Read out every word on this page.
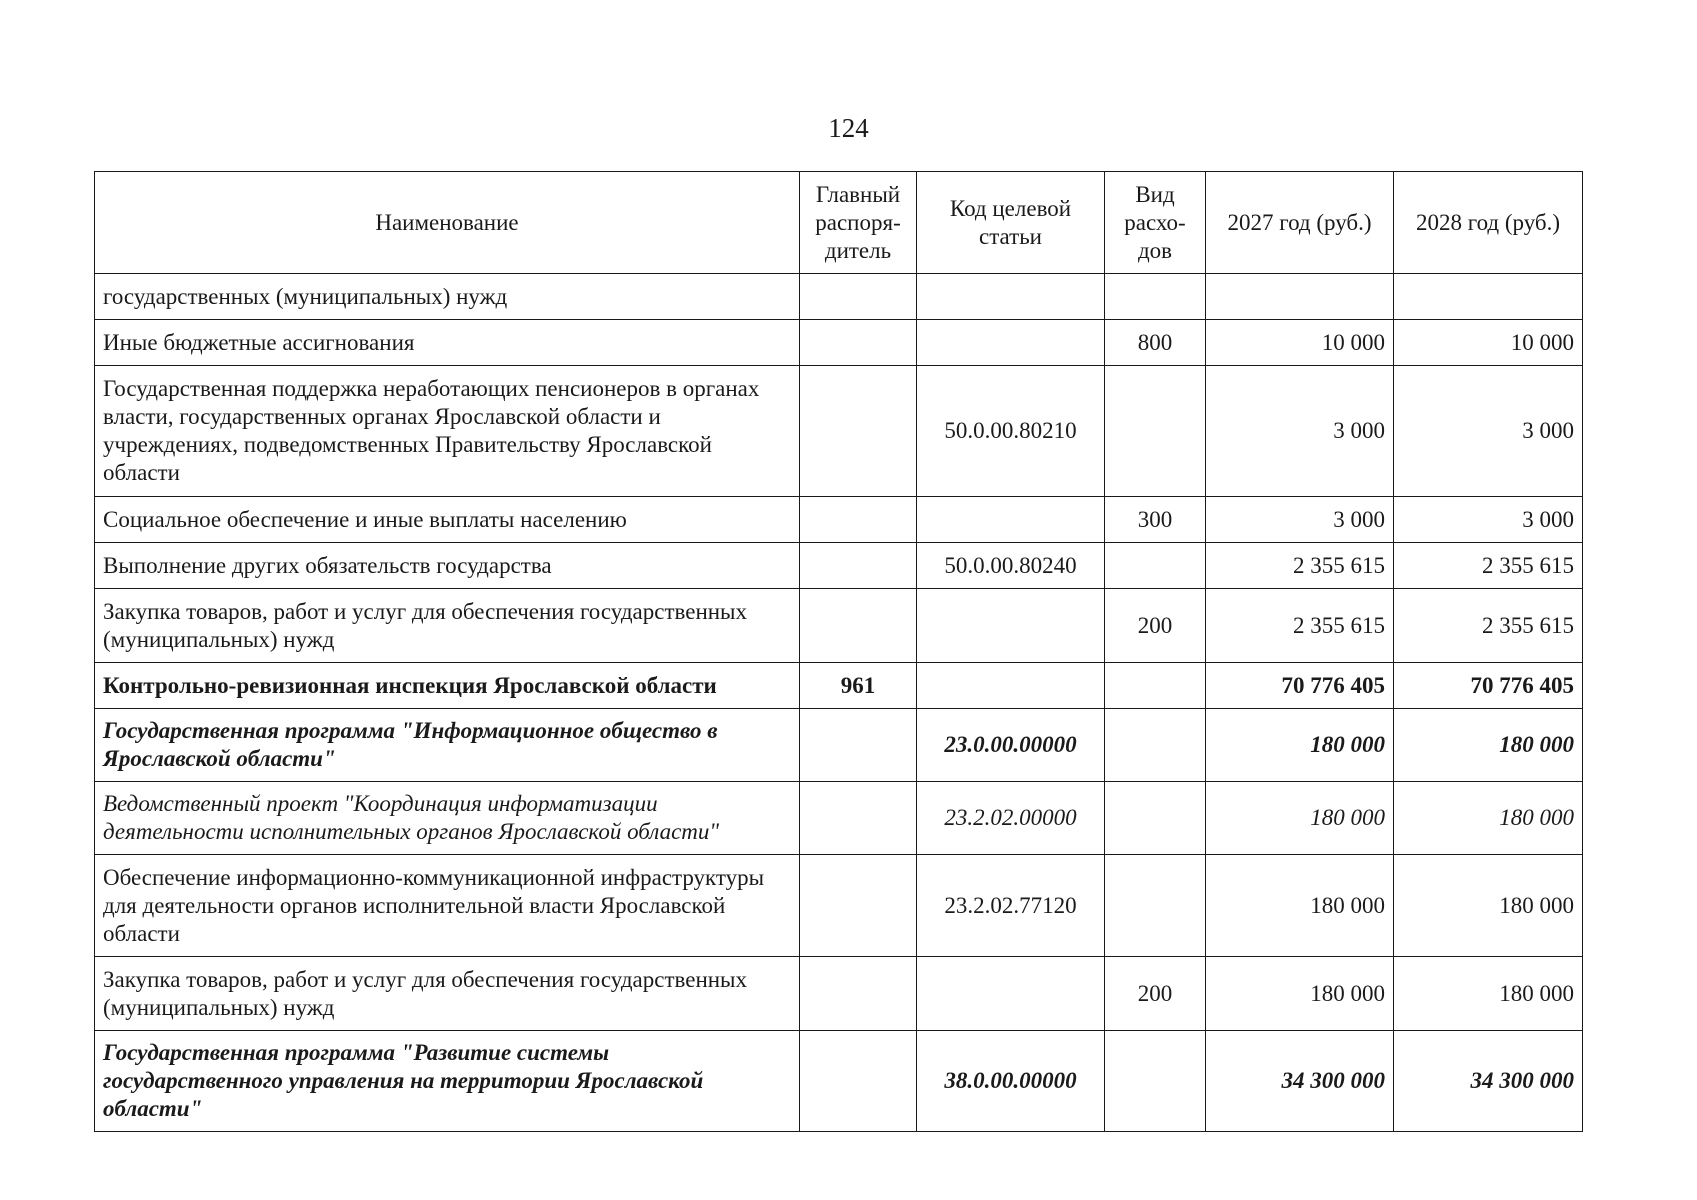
124
Наименование	Главный распоря-дитель	Код целевой статьи	Вид расхо-дов	2027 год (руб.)	2028 год (руб.)
государственных (муниципальных) нужд					
Иные бюджетные ассигнования			800	10 000	10 000
Государственная поддержка неработающих пенсионеров в органах власти, государственных органах Ярославской области и учреждениях, подведомственных Правительству Ярославской области		50.0.00.80210		3 000	3 000
Социальное обеспечение и иные выплаты населению			300	3 000	3 000
Выполнение других обязательств государства		50.0.00.80240		2 355 615	2 355 615
Закупка товаров, работ и услуг для обеспечения государственных (муниципальных) нужд			200	2 355 615	2 355 615
Контрольно-ревизионная инспекция Ярославской области	961			70 776 405	70 776 405
Государственная программа "Информационное общество в Ярославской области"		23.0.00.00000		180 000	180 000
Ведомственный проект "Координация информатизации деятельности исполнительных органов Ярославской области"		23.2.02.00000		180 000	180 000
Обеспечение информационно-коммуникационной инфраструктуры для деятельности органов исполнительной власти Ярославской области		23.2.02.77120		180 000	180 000
Закупка товаров, работ и услуг для обеспечения государственных (муниципальных) нужд			200	180 000	180 000
Государственная программа "Развитие системы государственного управления на территории Ярославской области"		38.0.00.00000		34 300 000	34 300 000
